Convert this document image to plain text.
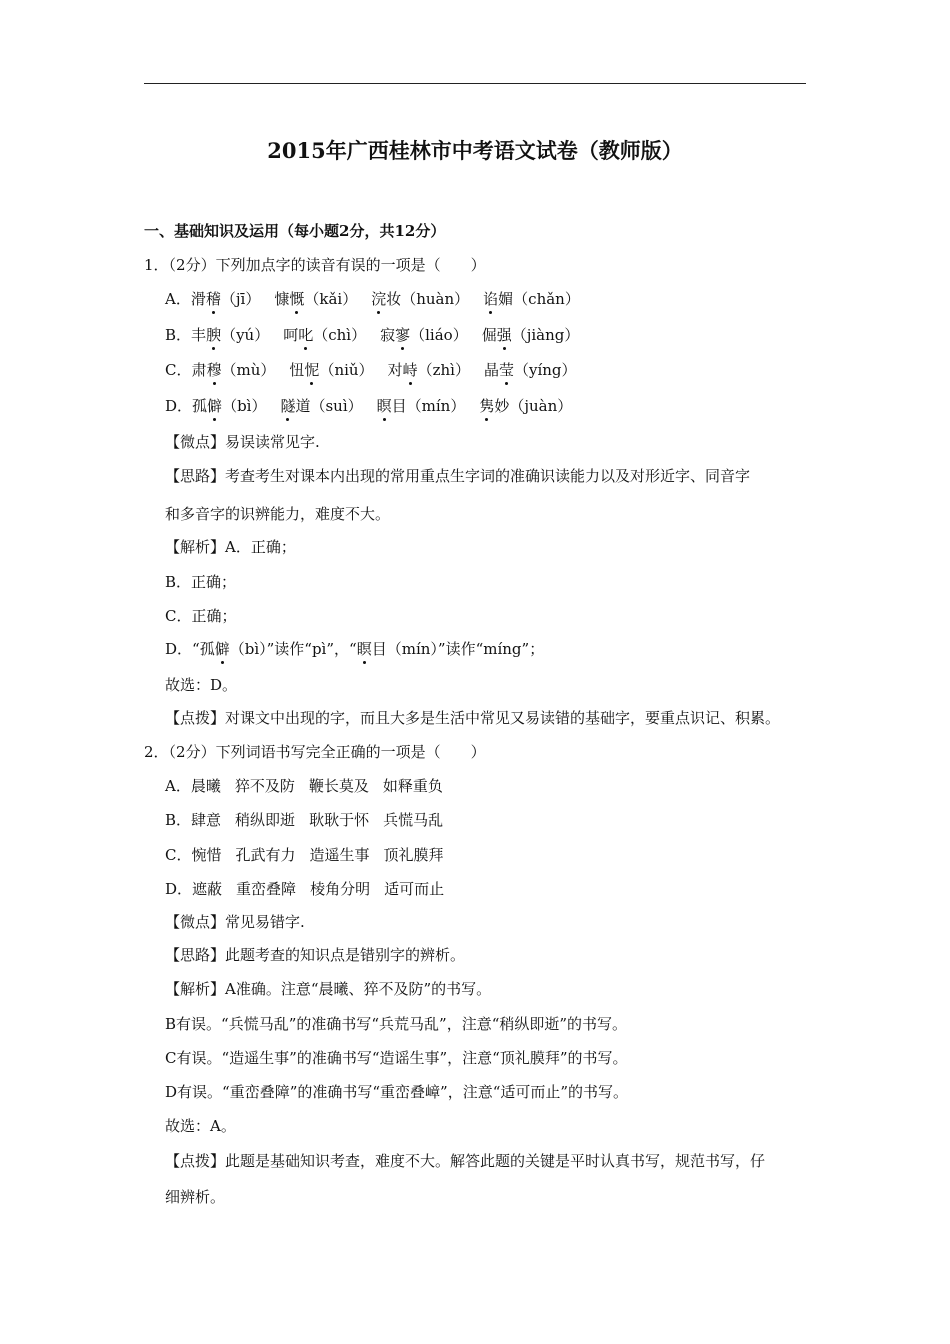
2015年广西桂林市中考语文试卷（教师版）
一、基础知识及运用（每小题2分，共12分）
1．（2分）下列加点字的读音有误的一项是（　　）
A．滑稽（jī） 慷慨（kǎi） 浣妆（huàn） 谄媚（chǎn）
B．丰腴（yú） 呵叱（chì） 寂寥（liáo） 倔强（jiàng）
C．肃穆（mù） 忸怩（niǔ） 对峙（zhì） 晶莹（yíng）
D．孤僻（bì） 隧道（suì） 瞑目（mín） 隽妙（juàn）
【微点】易误读常见字.
【思路】考查考生对课本内出现的常用重点生字词的准确识读能力以及对形近字、同音字
和多音字的识辨能力，难度不大。
【解析】A．正确；
B．正确；
C．正确；
D．“孤僻（bì）”读作“pì”，“瞑目（mín）”读作“míng”；
故选：D。
【点拨】对课文中出现的字，而且大多是生活中常见又易读错的基础字，要重点识记、积累。
2．（2分）下列词语书写完全正确的一项是（　　）
A．晨曦 猝不及防 鞭长莫及 如释重负
B．肆意 稍纵即逝 耿耿于怀 兵慌马乱
C．惋惜 孔武有力 造遥生事 顶礼膜拜
D．遮蔽 重峦叠障 棱角分明 适可而止
【微点】常见易错字.
【思路】此题考查的知识点是错别字的辨析。
【解析】A准确。注意“晨曦、猝不及防”的书写。
B有误。“兵慌马乱”的准确书写“兵荒马乱”，注意“稍纵即逝”的书写。
C有误。“造遥生事”的准确书写“造谣生事”，注意“顶礼膜拜”的书写。
D有误。“重峦叠障”的准确书写“重峦叠嶂”，注意“适可而止”的书写。
故选：A。
【点拨】此题是基础知识考查，难度不大。解答此题的关键是平时认真书写，规范书写，仔
细辨析。
